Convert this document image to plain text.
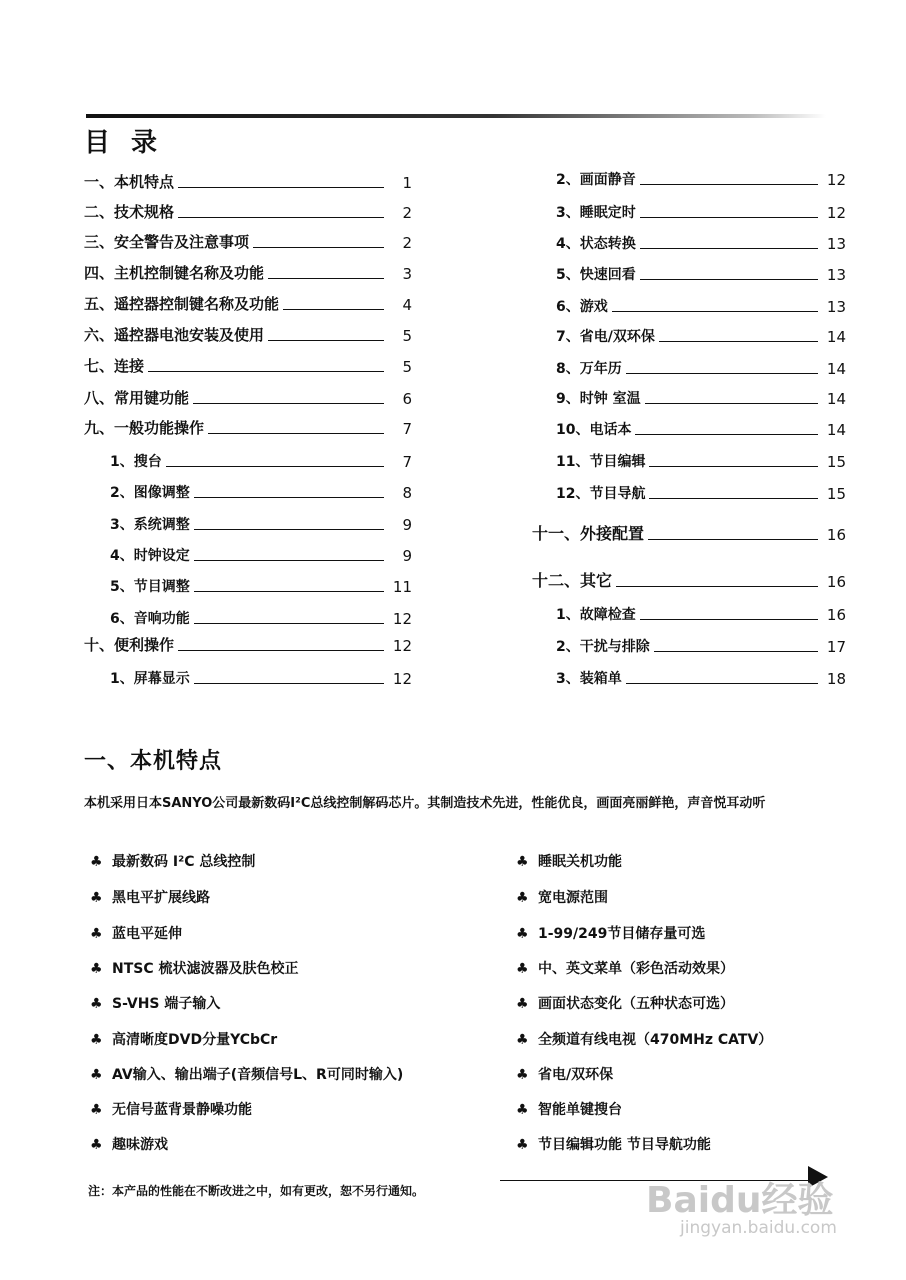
目 录
一、本机特点	1
二、技术规格	2
三、安全警告及注意事项	2
四、主机控制键名称及功能	3
五、遥控器控制键名称及功能	4
六、遥控器电池安装及使用	5
七、连接	5
八、常用键功能	6
九、一般功能操作	7
1、搜台	7
2、图像调整	8
3、系统调整	9
4、时钟设定	9
5、节目调整	11
6、音响功能	12
十、便利操作	12
1、屏幕显示	12
2、画面静音	12
3、睡眠定时	12
4、状态转换	13
5、快速回看	13
6、游戏	13
7、省电/双环保	14
8、万年历	14
9、时钟 室温	14
10、电话本	14
11、节目编辑	15
12、节目导航	15
十一、外接配置	16
十二、其它	16
1、故障检查	16
2、干扰与排除	17
3、装箱单	18
一、本机特点
本机采用日本SANYO公司最新数码I²C总线控制解码芯片。其制造技术先进，性能优良，画面亮丽鲜艳，声音悦耳动听
♣ 最新数码 I²C 总线控制
♣ 黑电平扩展线路
♣ 蓝电平延伸
♣ NTSC 梳状滤波器及肤色校正
♣ S-VHS 端子输入
♣ 高清晰度DVD分量YCbCr
♣ AV输入、输出端子(音频信号L、R可同时输入)
♣ 无信号蓝背景静噪功能
♣ 趣味游戏
♣ 睡眠关机功能
♣ 宽电源范围
♣ 1-99/249节目储存量可选
♣ 中、英文菜单（彩色活动效果）
♣ 画面状态变化（五种状态可选）
♣ 全频道有线电视（470MHz CATV）
♣ 省电/双环保
♣ 智能单键搜台
♣ 节目编辑功能 节目导航功能
注：本产品的性能在不断改进之中，如有更改，恕不另行通知。	Baidu经验
jingyan.baidu.com
